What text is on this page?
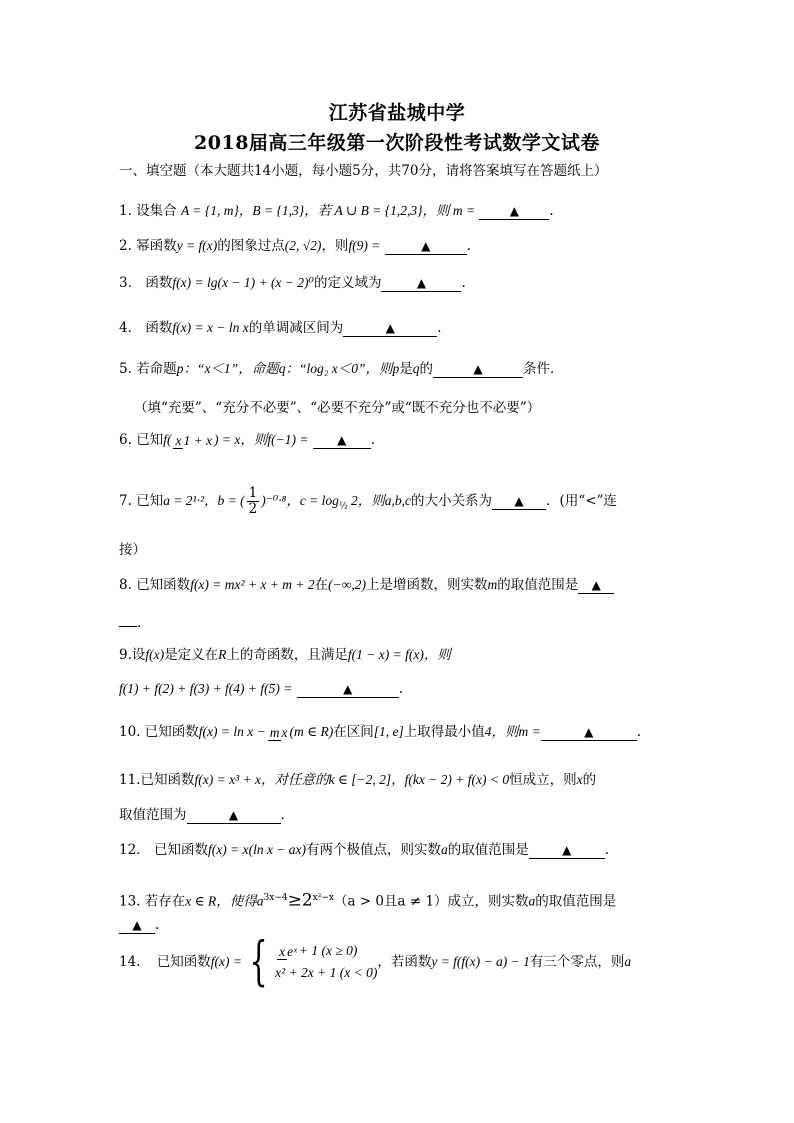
江苏省盐城中学
2018届高三年级第一次阶段性考试数学文试卷
一、填空题（本大题共14小题，每小题5分，共70分，请将答案填写在答题纸上）
1. 设集合 A = {1, m}，B = {1,3}，若 A ∪ B = {1,2,3}，则 m =	▲ .
2. 幂函数y = f(x)的图象过点(2, √2)，则f(9) =	▲	.
3． 函数f(x) = lg(x − 1) + (x − 2)⁰的定义域为	▲	.
4． 函数f(x) = x − ln x的单调减区间为	▲	.
5. 若命题p：“x＜1”，命题q：“log₂ x＜0”，则p是q的	▲	条件．
（填“充要”、“充分不必要”、“必要不充分”或“既不充分也不必要”）
6. 已知f( x 1 + x ) = x，则f(−1) = ▲ .
7. 已知a = 2¹·²，b = ( $\frac{1}{2} )^{-0}\cdot^8$，$c = \log_{\frac{1}{2}} 2$，则a,b,c的大小关系为 ▲ ．(用“<”连
接）
8. 已知函数f(x) = mx² + x + m + 2在(−∞,2)上是增函数，则实数m的取值范围是 ▲
．
9.设f(x)是定义在R上的奇函数，且满足f(1 − x) = f(x)，则
f(1) + f(2) + f(3) + f(4) + f(5) =	▲	.
10. 已知函数f(x) = ln x − m x (m ∈ R)在区间[1, e]上取得最小值4，则m =	▲	.
11.已知函数f(x) = x³ + x，对任意的k ∈ [−2, 2]，f(kx − 2) + f(x) < 0恒成立，则x的
取值范围为	▲	.
12． 已知函数f(x) = x(ln x − ax)有两个极值点，则实数a的取值范围是	▲ .
13. 若存在x ∈ R，使得$a^{3x-4}\ge 2^{x^2-x}(a > 0$且a ≠ 1）成立，则实数a的取值范围是
▲ .
14. 已知函数f(x) = { x eˣ + 1 (x ≥ 0)
x² + 2x + 1 (x < 0)
，若函数y = f(f(x) − a) − 1有三个零点，则a
